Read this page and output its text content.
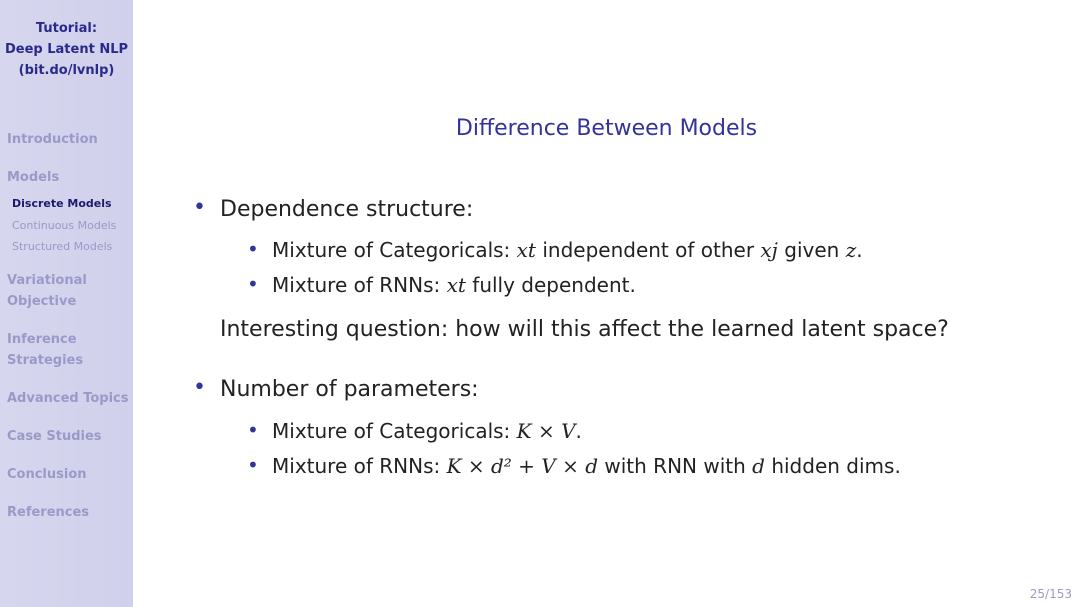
Tutorial:
Deep Latent NLP
(bit.do/lvnlp)
Introduction
Models
Discrete Models
Continuous Models
Structured Models
Variational
Objective
Inference
Strategies
Advanced Topics
Case Studies
Conclusion
References
Difference Between Models
• Dependence structure:
• Mixture of Categoricals: xt independent of other xj given z.
• Mixture of RNNs: xt fully dependent.
Interesting question: how will this affect the learned latent space?
• Number of parameters:
• Mixture of Categoricals: K × V.
• Mixture of RNNs: K × d² + V × d with RNN with d hidden dims.
25/153
